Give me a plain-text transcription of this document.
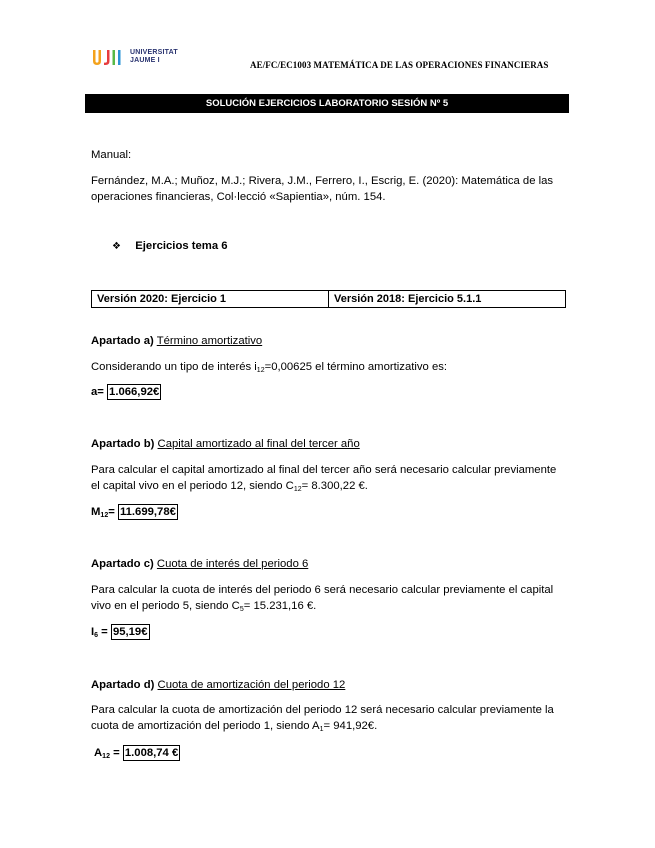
UNIVERSITAT
JAUME I	AE/FC/EC1003 MATEMÁTICA DE LAS OPERACIONES FINANCIERAS
SOLUCIÓN EJERCICIOS LABORATORIO SESIÓN Nº 5
Manual:
Fernández, M.A.; Muñoz, M.J.; Rivera, J.M., Ferrero, I., Escrig, E. (2020): Matemática de las operaciones financieras, Col·lecció «Sapientia», núm. 154.
❖ Ejercicios tema 6
Versión 2020: Ejercicio 1	Versión 2018: Ejercicio 5.1.1
Apartado a) Término amortizativo
Considerando un tipo de interés $i_{12}=0,00625$ el término amortizativo es:
a= 1.066,92€
Apartado b) Capital amortizado al final del tercer año
Para calcular el capital amortizado al final del tercer año será necesario calcular previamente el capital vivo en el periodo 12, siendo $C_{12}= 8.300,22$ €.
$M_{12}=$ 11.699,78€
Apartado c) Cuota de interés del periodo 6
Para calcular la cuota de interés del periodo 6 será necesario calcular previamente el capital vivo en el periodo 5, siendo $C_5= 15.231,16$ €.
$I_6$ = 95,19€
Apartado d) Cuota de amortización del periodo 12
Para calcular la cuota de amortización del periodo 12 será necesario calcular previamente la cuota de amortización del periodo 1, siendo $A_1=$ 941,92€.
$A_{12} = 1.008,74$ €
